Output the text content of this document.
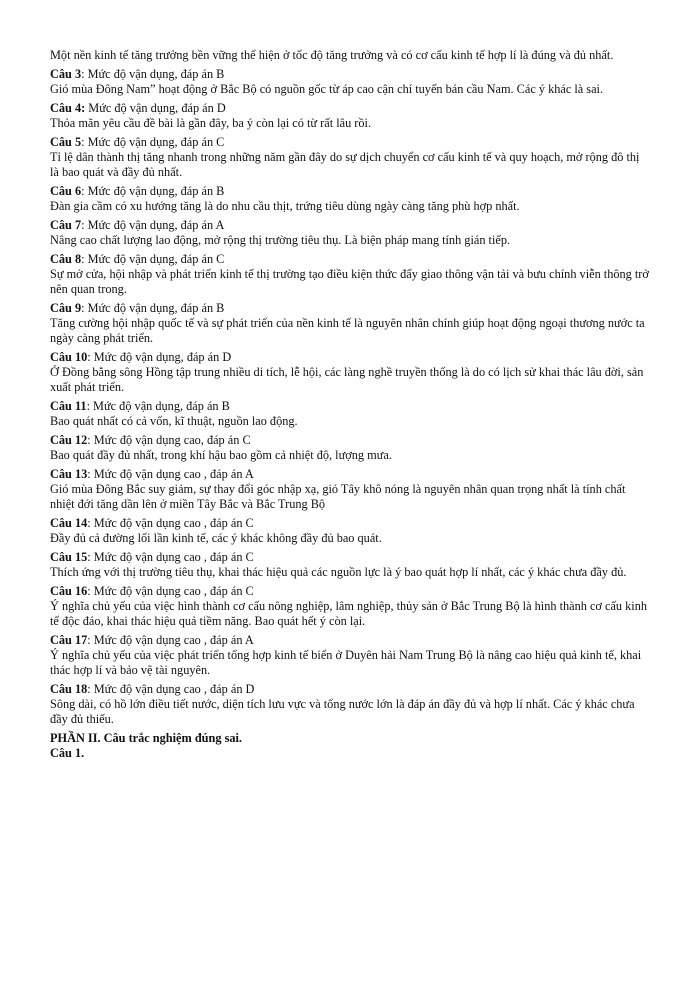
Một nền kinh tế tăng trưởng bền vững thể hiện ở tốc độ tăng trưởng và có cơ cấu kinh tế hợp lí là đúng và đủ nhất.

Câu 3: Mức độ vận dụng, đáp án B

Gió mùa Đông Nam” hoạt động ở Bắc Bộ có nguồn gốc từ áp cao cận chí tuyến bán cầu Nam. Các ý khác là sai.

Câu 4: Mức độ vận dụng, đáp án D

Thỏa mãn yêu cầu đề bài là gần đây, ba ý còn lại có từ rất lâu rồi.

Câu 5: Mức độ vận dụng, đáp án C

Tỉ lệ dân thành thị tăng nhanh trong những năm gần đây do sự dịch chuyển cơ cấu kinh tế và quy hoạch, mở rộng đô thị là bao quát và đầy đủ nhất.

Câu 6: Mức độ vận dụng, đáp án B

Đàn gia cầm có xu hướng tăng là do nhu cầu thịt, trứng tiêu dùng ngày càng tăng phù hợp nhất.

Câu 7: Mức độ vận dụng, đáp án A

Nâng cao chất lượng lao động, mở rộng thị trường tiêu thụ. Là biện pháp mang tính gián tiếp.

Câu 8: Mức độ vận dụng, đáp án C

Sự mở cửa, hội nhập và phát triển kinh tế thị trường tạo điều kiện thức đẩy giao thông vận tải và bưu chính viễn thông trở nên quan trong.

Câu 9: Mức độ vận dụng, đáp án B

Tăng cường hội nhập quốc tế và sự phát triển của nền kinh tế là nguyên nhân chính giúp hoạt động ngoại thương nước ta ngày càng phát triển.

Câu 10: Mức độ vận dụng, đáp án D

Ở Đồng bằng sông Hồng tập trung nhiều di tích, lễ hội, các làng nghề truyền thống là do có lịch sử khai thác lâu đời, sản xuất phát triển.

Câu 11: Mức độ vận dụng, đáp án B

Bao quát nhất có cả vốn, kĩ thuật, nguồn lao động.

Câu 12: Mức độ vận dụng cao, đáp án C

Bao quát đầy đủ nhất, trong khí hậu bao gồm cả nhiệt độ, lượng mưa.

Câu 13: Mức độ vận dụng cao , đáp án A

Gió mùa Đông Bắc suy giảm, sự thay đổi góc nhập xạ, gió Tây khô nóng là nguyên nhân quan trọng nhất là tính chất nhiệt đới tăng dần lên ở miền Tây Bắc và Bắc Trung Bộ

Câu 14: Mức độ vận dụng cao , đáp án C

Đầy đủ cả đường lối lần kinh tế, các ý khác không đầy đủ bao quát.

Câu 15: Mức độ vận dụng cao , đáp án C

Thích ứng với thị trường tiêu thụ, khai thác hiệu quả các nguồn lực là ý bao quát hợp lí nhất, các ý khác chưa đầy đủ.

Câu 16: Mức độ vận dụng cao , đáp án C

Ý nghĩa chủ yếu của việc hình thành cơ cấu nông nghiệp, lâm nghiệp, thủy sản ở Bắc Trung Bộ là hình thành cơ cấu kinh tế độc đáo, khai thác hiệu quả tiềm năng. Bao quát hết ý còn lại.

Câu 17: Mức độ vận dụng cao , đáp án A

Ý nghĩa chủ yếu của việc phát triển tổng hợp kinh tế biển ở Duyên hải Nam Trung Bộ là nâng cao hiệu quả kinh tế, khai thác hợp lí và bảo vệ tài nguyên.

Câu 18: Mức độ vận dụng cao , đáp án D

Sông dài, có hồ lớn điều tiết nước, diện tích lưu vực và tổng nước lớn là đáp án đầy đủ và hợp lí nhất. Các ý khác chưa đầy đủ thiếu.

PHẦN II. Câu trắc nghiệm đúng sai.

Câu 1.
